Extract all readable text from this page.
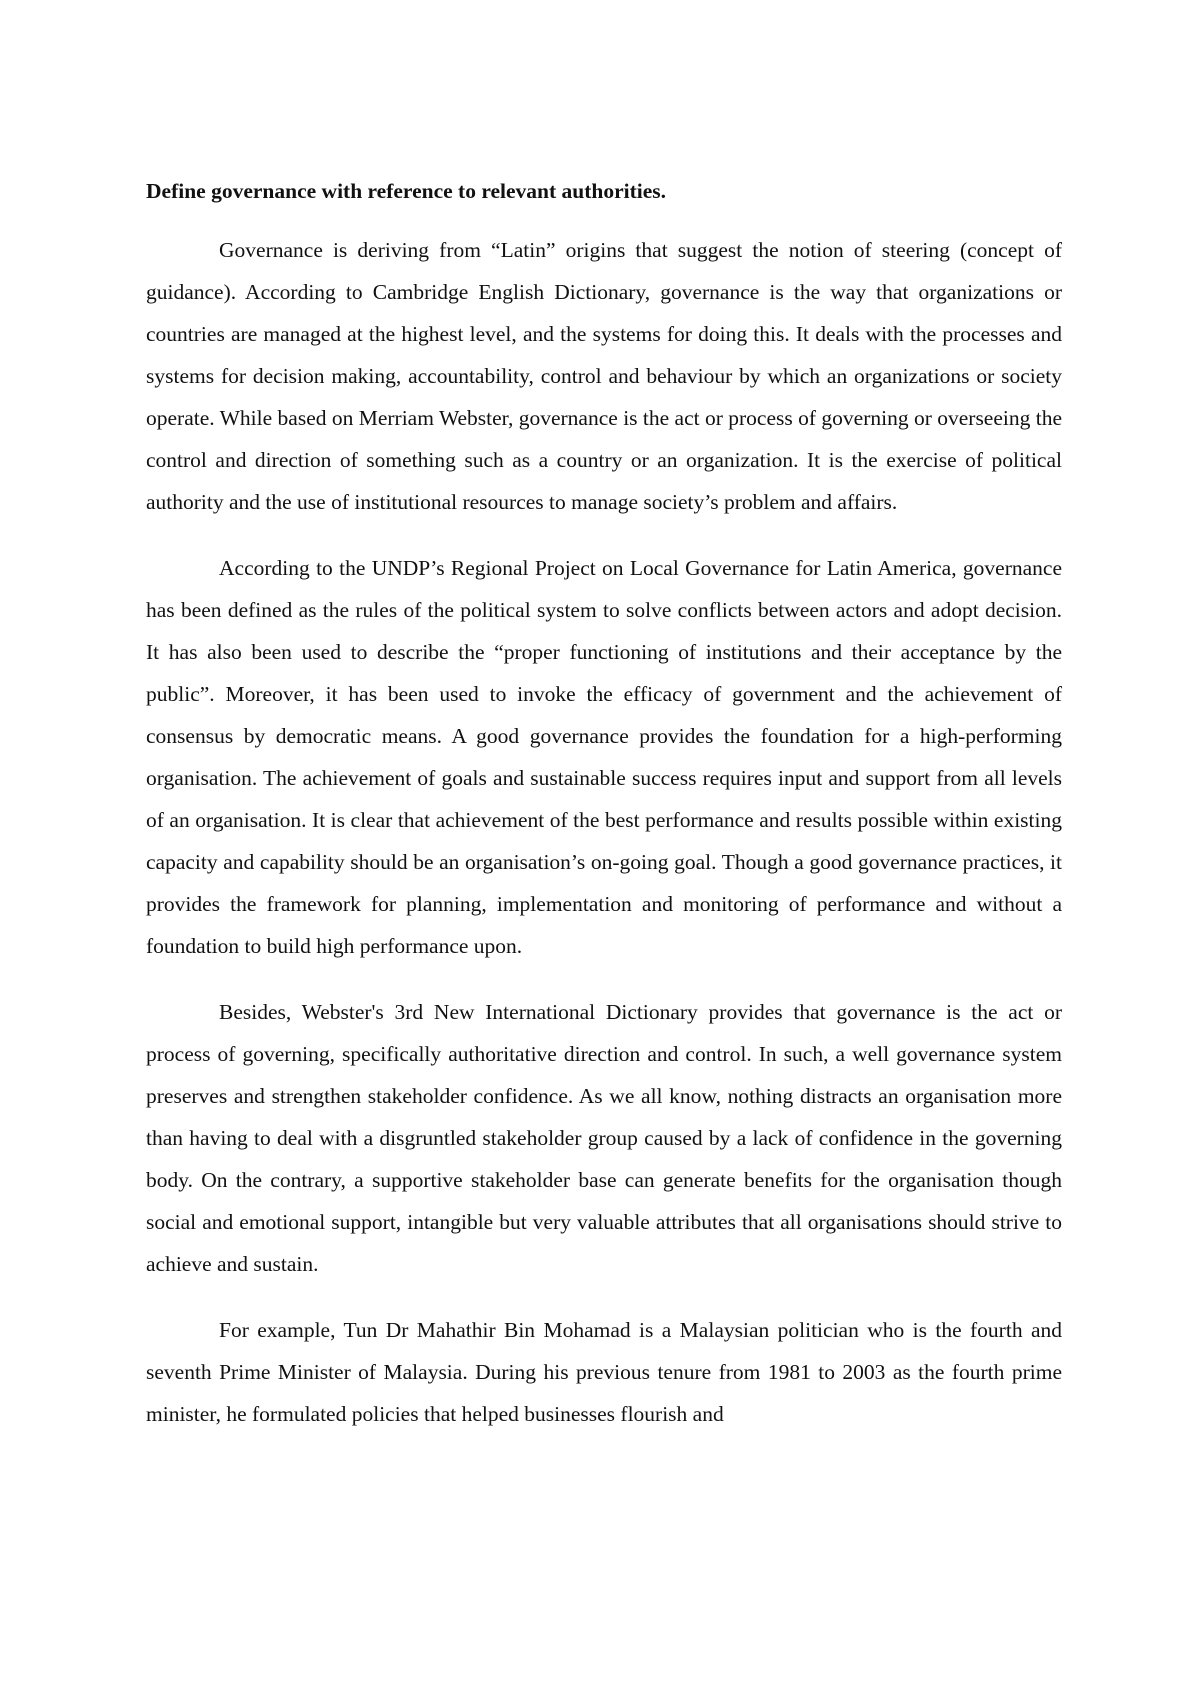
Define governance with reference to relevant authorities.

Governance is deriving from “Latin” origins that suggest the notion of steering (concept of guidance). According to Cambridge English Dictionary, governance is the way that organizations or countries are managed at the highest level, and the systems for doing this. It deals with the processes and systems for decision making, accountability, control and behaviour by which an organizations or society operate. While based on Merriam Webster, governance is the act or process of governing or overseeing the control and direction of something such as a country or an organization. It is the exercise of political authority and the use of institutional resources to manage society’s problem and affairs.

According to the UNDP’s Regional Project on Local Governance for Latin America, governance has been defined as the rules of the political system to solve conflicts between actors and adopt decision. It has also been used to describe the “proper functioning of institutions and their acceptance by the public”. Moreover, it has been used to invoke the efficacy of government and the achievement of consensus by democratic means. A good governance provides the foundation for a high-performing organisation. The achievement of goals and sustainable success requires input and support from all levels of an organisation. It is clear that achievement of the best performance and results possible within existing capacity and capability should be an organisation’s on-going goal. Though a good governance practices, it provides the framework for planning, implementation and monitoring of performance and without a foundation to build high performance upon.

Besides, Webster's 3rd New International Dictionary provides that governance is the act or process of governing, specifically authoritative direction and control. In such, a well governance system preserves and strengthen stakeholder confidence. As we all know, nothing distracts an organisation more than having to deal with a disgruntled stakeholder group caused by a lack of confidence in the governing body. On the contrary, a supportive stakeholder base can generate benefits for the organisation though social and emotional support, intangible but very valuable attributes that all organisations should strive to achieve and sustain.

For example, Tun Dr Mahathir Bin Mohamad is a Malaysian politician who is the fourth and seventh Prime Minister of Malaysia. During his previous tenure from 1981 to 2003 as the fourth prime minister, he formulated policies that helped businesses flourish and
